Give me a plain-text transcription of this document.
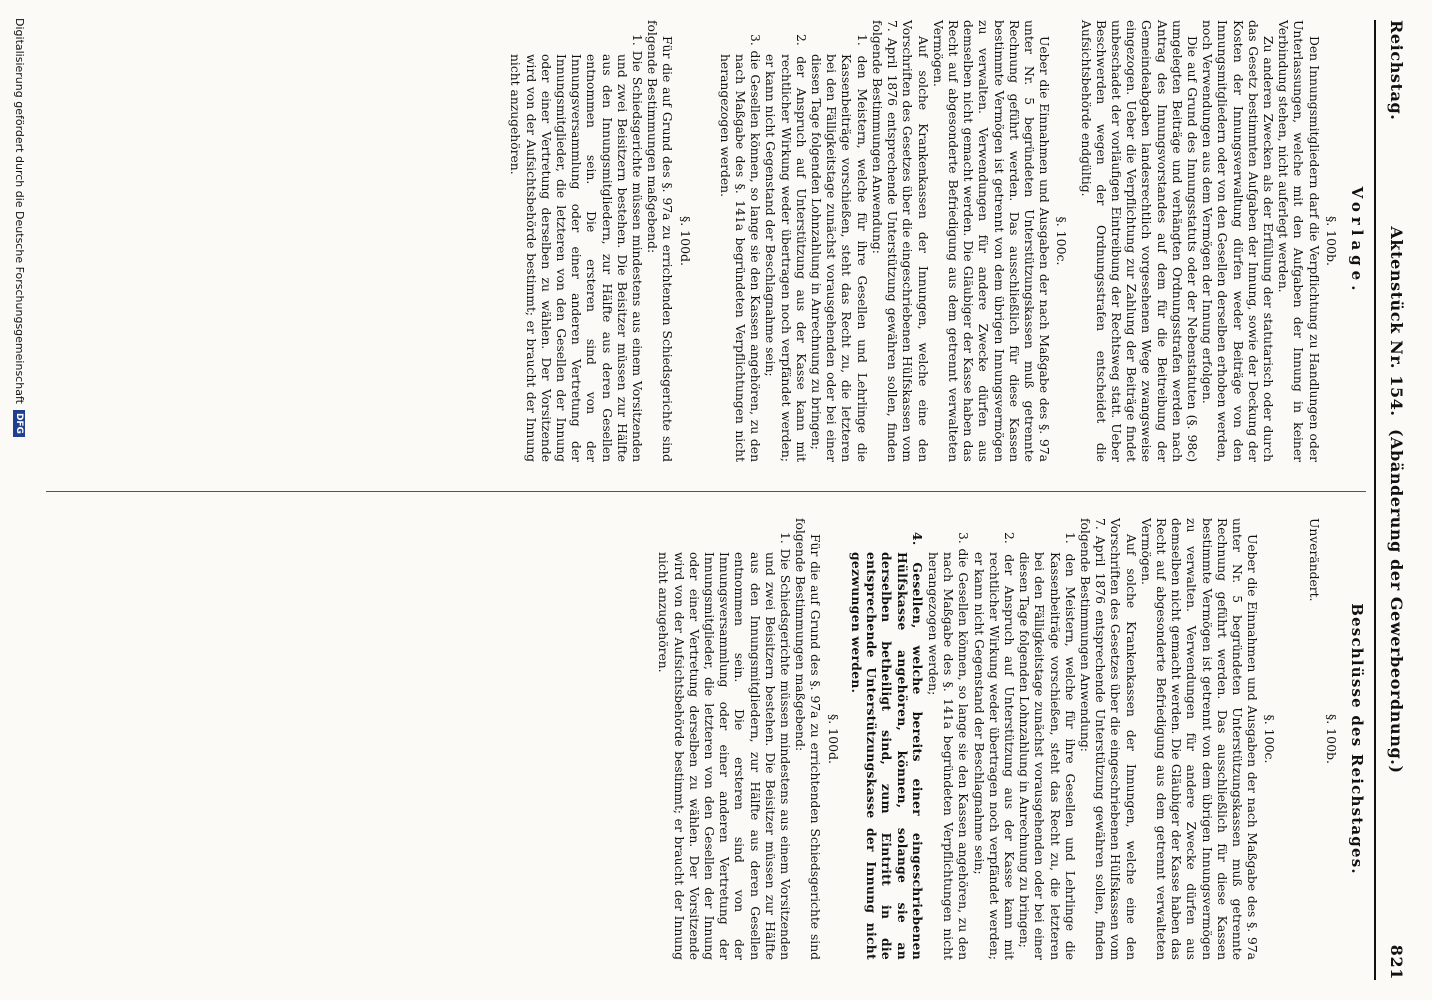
Reichstag.
Aktenstück Nr. 154.  (Abänderung der Gewerbeordnung.)
821
Vorlage.
§. 100b.

Den Innungsmitgliedern darf die Verpflichtung zu Handlungen oder Unterlassungen, welche mit den Aufgaben der Innung in keiner Verbindung stehen, nicht auferlegt werden.

Zu anderen Zwecken als der Erfüllung der statutarisch oder durch das Gesetz bestimmten Aufgaben der Innung, sowie der Deckung der Kosten der Innungsverwaltung dürfen weder Beiträge von den Innungsmitgliedern oder von den Gesellen derselben erhoben werden, noch Verwendungen aus dem Vermögen der Innung erfolgen.

Die auf Grund des Innungsstatuts oder der Nebenstatuten (§. 98c) umgelegten Beiträge und verhängten Ordnungsstrafen werden nach Antrag des Innungsvorstandes auf dem für die Beitreibung der Gemeindeabgaben landesrechtlich vorgesehenen Wege zwangsweise eingezogen. Ueber die Verpflichtung zur Zahlung der Beiträge findet unbeschadet der vorläufigen Eintreibung der Rechtsweg statt. Ueber Beschwerden wegen der Ordnungsstrafen entscheidet die Aufsichtsbehörde endgültig.

§. 100c.

Ueber die Einnahmen und Ausgaben der nach Maßgabe des §. 97a unter Nr. 5 begründeten Unterstützungskassen muß getrennte Rechnung geführt werden. Das ausschließlich für diese Kassen bestimmte Vermögen ist getrennt von dem übrigen Innungsvermögen zu verwalten. Verwendungen für andere Zwecke dürfen aus demselben nicht gemacht werden. Die Gläubiger der Kasse haben das Recht auf abgesonderte Befriedigung aus dem getrennt verwalteten Vermögen.

Auf solche Krankenkassen der Innungen, welche eine den Vorschriften des Gesetzes über die eingeschriebenen Hülfskassen vom 7. April 1876 entsprechende Unterstützung gewähren sollen, finden folgende Bestimmungen Anwendung:

1. den Meistern, welche für ihre Gesellen und Lehrlinge die Kassenbeiträge vorschießen, steht das Recht zu, die letzteren bei den Fälligkeitstage zunächst vorausgehenden oder bei einer diesen Tage folgenden Lohnzahlung in Anrechnung zu bringen;

2. der Anspruch auf Unterstützung aus der Kasse kann mit rechtlicher Wirkung weder übertragen noch verpfändet werden; er kann nicht Gegenstand der Beschlagnahme sein;

3. die Gesellen können, so lange sie den Kassen angehören, zu den nach Maßgabe des §. 141a begründeten Verpflichtungen nicht herangezogen werden.

§. 100d.

Für die auf Grund des §. 97a zu errichtenden Schiedsgerichte sind folgende Bestimmungen maßgebend:

1. Die Schiedsgerichte müssen mindestens aus einem Vorsitzenden und zwei Beisitzern bestehen. Die Beisitzer müssen zur Hälfte aus den Innungsmitgliedern, zur Hälfte aus deren Gesellen entnommen sein. Die ersteren sind von der Innungsversammlung oder einer anderen Vertretung der Innungsmitglieder, die letzteren von den Gesellen der Innung oder einer Vertretung derselben zu wählen. Der Vorsitzende wird von der Aufsichtsbehörde bestimmt; er braucht der Innung nicht anzugehören.

Beschlüsse des Reichstages.
§. 100b.

Unverändert.

§. 100c.

Ueber die Einnahmen und Ausgaben der nach Maßgabe des §. 97a unter Nr. 5 begründeten Unterstützungskassen muß getrennte Rechnung geführt werden. Das ausschließlich für diese Kassen bestimmte Vermögen ist getrennt von dem übrigen Innungsvermögen zu verwalten. Verwendungen für andere Zwecke dürfen aus demselben nicht gemacht werden. Die Gläubiger der Kasse haben das Recht auf abgesonderte Befriedigung aus dem getrennt verwalteten Vermögen.

Auf solche Krankenkassen der Innungen, welche eine den Vorschriften des Gesetzes über die eingeschriebenen Hülfskassen vom 7. April 1876 entsprechende Unterstützung gewähren sollen, finden folgende Bestimmungen Anwendung:

1. den Meistern, welche für ihre Gesellen und Lehrlinge die Kassenbeiträge vorschießen, steht das Recht zu, die letzteren bei den Fälligkeitstage zunächst vorausgehenden oder bei einer diesen Tage folgenden Lohnzahlung in Anrechnung zu bringen;

2. der Anspruch auf Unterstützung aus der Kasse kann mit rechtlicher Wirkung weder übertragen noch verpfändet werden; er kann nicht Gegenstand der Beschlagnahme sein;

3. die Gesellen können, so lange sie den Kassen angehören, zu den nach Maßgabe des §. 141a begründeten Verpflichtungen nicht herangezogen werden;

4. Gesellen, welche bereits einer eingeschriebenen Hülfskasse angehören, können, solange sie an derselben betheiligt sind, zum Eintritt in die entsprechende Unterstützungskasse der Innung nicht gezwungen werden.

§. 100d.

Für die auf Grund des §. 97a zu errichtenden Schiedsgerichte sind folgende Bestimmungen maßgebend:

1. Die Schiedsgerichte müssen mindestens aus einem Vorsitzenden und zwei Beisitzern bestehen. Die Beisitzer müssen zur Hälfte aus den Innungsmitgliedern, zur Hälfte aus deren Gesellen entnommen sein. Die ersteren sind von der Innungsversammlung oder einer anderen Vertretung der Innungsmitglieder, die letzteren von den Gesellen der Innung oder einer Vertretung derselben zu wählen. Der Vorsitzende wird von der Aufsichtsbehörde bestimmt; er braucht der Innung nicht anzugehören.

Digitalisierung gefördert durch die Deutsche Forschungsgemeinschaft
DFG
